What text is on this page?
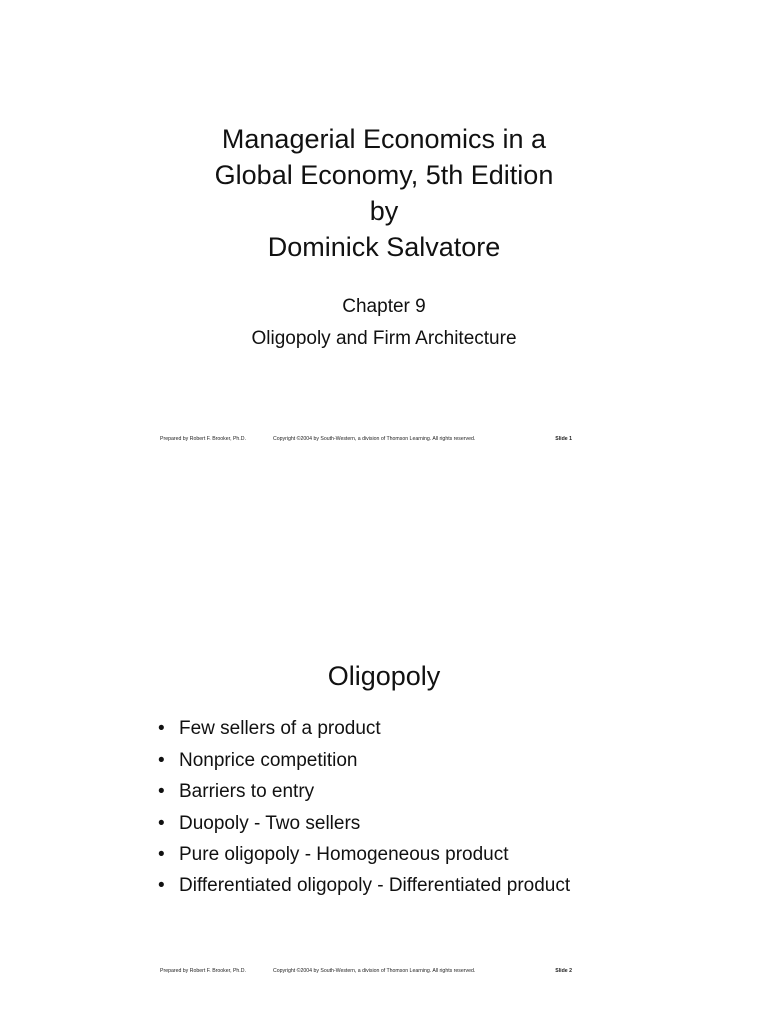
Managerial Economics in a
Global Economy, 5th Edition
by
Dominick Salvatore
Chapter 9
Oligopoly and Firm Architecture
Prepared by Robert F. Brooker, Ph.D.	Copyright ©2004 by South-Western, a division of Thomson Learning. All rights reserved.	Slide 1
Oligopoly
• Few sellers of a product
• Nonprice competition
• Barriers to entry
• Duopoly - Two sellers
• Pure oligopoly - Homogeneous product
• Differentiated oligopoly - Differentiated product
Prepared by Robert F. Brooker, Ph.D.	Copyright ©2004 by South-Western, a division of Thomson Learning. All rights reserved.	Slide 2
